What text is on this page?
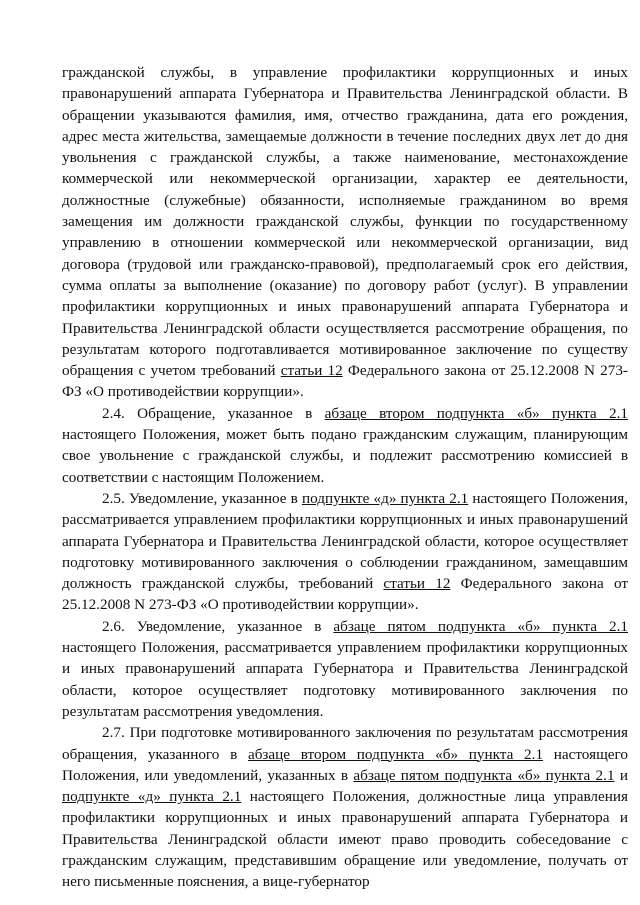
гражданской службы, в управление профилактики коррупционных и иных правонарушений аппарата Губернатора и Правительства Ленинградской области. В обращении указываются фамилия, имя, отчество гражданина, дата его рождения, адрес места жительства, замещаемые должности в течение последних двух лет до дня увольнения с гражданской службы, а также наименование, местонахождение коммерческой или некоммерческой организации, характер ее деятельности, должностные (служебные) обязанности, исполняемые гражданином во время замещения им должности гражданской службы, функции по государственному управлению в отношении коммерческой или некоммерческой организации, вид договора (трудовой или гражданско-правовой), предполагаемый срок его действия, сумма оплаты за выполнение (оказание) по договору работ (услуг). В управлении профилактики коррупционных и иных правонарушений аппарата Губернатора и Правительства Ленинградской области осуществляется рассмотрение обращения, по результатам которого подготавливается мотивированное заключение по существу обращения с учетом требований статьи 12 Федерального закона от 25.12.2008 N 273-ФЗ «О противодействии коррупции».

2.4. Обращение, указанное в абзаце втором подпункта «б» пункта 2.1 настоящего Положения, может быть подано гражданским служащим, планирующим свое увольнение с гражданской службы, и подлежит рассмотрению комиссией в соответствии с настоящим Положением.

2.5. Уведомление, указанное в подпункте «д» пункта 2.1 настоящего Положения, рассматривается управлением профилактики коррупционных и иных правонарушений аппарата Губернатора и Правительства Ленинградской области, которое осуществляет подготовку мотивированного заключения о соблюдении гражданином, замещавшим должность гражданской службы, требований статьи 12 Федерального закона от 25.12.2008 N 273-ФЗ «О противодействии коррупции».

2.6. Уведомление, указанное в абзаце пятом подпункта «б» пункта 2.1 настоящего Положения, рассматривается управлением профилактики коррупционных и иных правонарушений аппарата Губернатора и Правительства Ленинградской области, которое осуществляет подготовку мотивированного заключения по результатам рассмотрения уведомления.

2.7. При подготовке мотивированного заключения по результатам рассмотрения обращения, указанного в абзаце втором подпункта «б» пункта 2.1 настоящего Положения, или уведомлений, указанных в абзаце пятом подпункта «б» пункта 2.1 и подпункте «д» пункта 2.1 настоящего Положения, должностные лица управления профилактики коррупционных и иных правонарушений аппарата Губернатора и Правительства Ленинградской области имеют право проводить собеседование с гражданским служащим, представившим обращение или уведомление, получать от него письменные пояснения, а вице-губернатор
